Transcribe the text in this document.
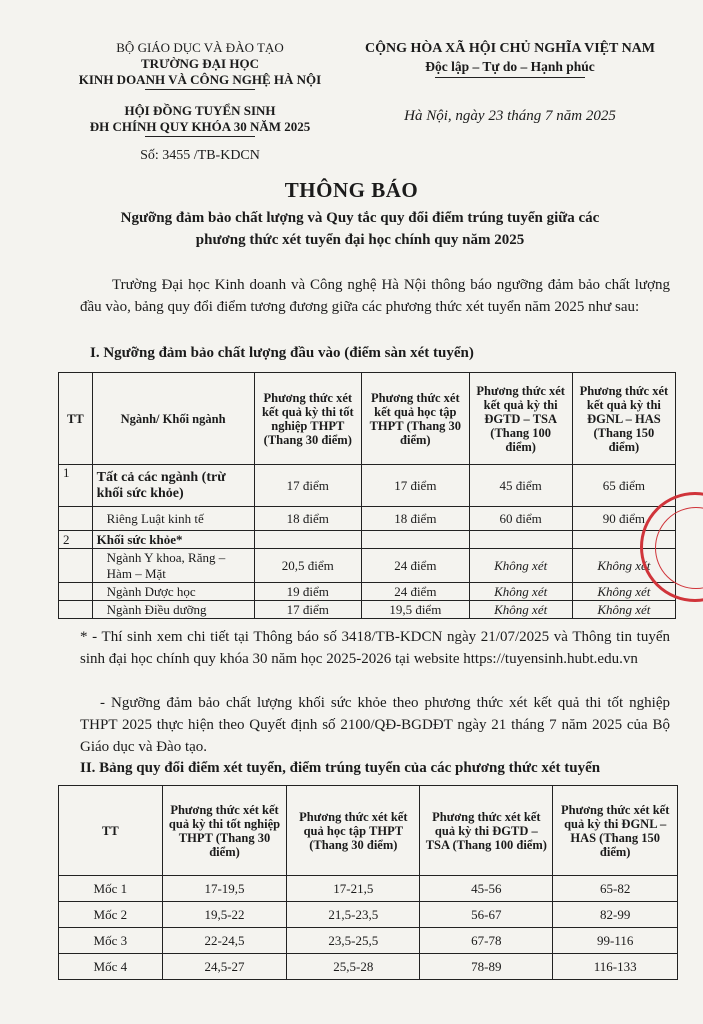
BỘ GIÁO DỤC VÀ ĐÀO TẠO
TRƯỜNG ĐẠI HỌC
KINH DOANH VÀ CÔNG NGHỆ HÀ NỘI
HỘI ĐỒNG TUYỂN SINH
ĐH CHÍNH QUY KHÓA 30 NĂM 2025
Số: 3455 /TB-KDCN
CỘNG HÒA XÃ HỘI CHỦ NGHĨA VIỆT NAM
Độc lập – Tự do – Hạnh phúc
Hà Nội, ngày 23 tháng 7 năm 2025
THÔNG BÁO
Ngưỡng đảm bảo chất lượng và Quy tắc quy đổi điểm trúng tuyển giữa các
phương thức xét tuyển đại học chính quy năm 2025
Trường Đại học Kinh doanh và Công nghệ Hà Nội thông báo ngưỡng đảm bảo chất lượng đầu vào, bảng quy đổi điểm tương đương giữa các phương thức xét tuyển năm 2025 như sau:
I. Ngưỡng đảm bảo chất lượng đầu vào (điểm sàn xét tuyển)
TT	Ngành/ Khối ngành	Phương thức xét kết quả kỳ thi tốt nghiệp THPT (Thang 30 điểm)	Phương thức xét kết quả học tập THPT (Thang 30 điểm)	Phương thức xét kết quả kỳ thi ĐGTD – TSA (Thang 100 điểm)	Phương thức xét kết quả kỳ thi ĐGNL – HAS (Thang 150 điểm)
1	Tất cả các ngành (trừ khối sức khỏe)	17 điểm	17 điểm	45 điểm	65 điểm
	Riêng Luật kinh tế	18 điểm	18 điểm	60 điểm	90 điểm
2	Khối sức khỏe*				
	Ngành Y khoa, Răng – Hàm – Mặt	20,5 điểm	24 điểm	Không xét	Không xét
	Ngành Dược học	19 điểm	24 điểm	Không xét	Không xét
	Ngành Điều dưỡng	17 điểm	19,5 điểm	Không xét	Không xét
* - Thí sinh xem chi tiết tại Thông báo số 3418/TB-KDCN ngày 21/07/2025 và Thông tin tuyển sinh đại học chính quy khóa 30 năm học 2025-2026 tại website https://tuyensinh.hubt.edu.vn
- Ngưỡng đảm bảo chất lượng khối sức khỏe theo phương thức xét kết quả thi tốt nghiệp THPT 2025 thực hiện theo Quyết định số 2100/QĐ-BGDĐT ngày 21 tháng 7 năm 2025 của Bộ Giáo dục và Đào tạo.
II. Bảng quy đổi điểm xét tuyển, điểm trúng tuyển của các phương thức xét tuyển
TT	Phương thức xét kết quả kỳ thi tốt nghiệp THPT (Thang 30 điểm)	Phương thức xét kết quả học tập THPT (Thang 30 điểm)	Phương thức xét kết quả kỳ thi ĐGTD – TSA (Thang 100 điểm)	Phương thức xét kết quả kỳ thi ĐGNL – HAS (Thang 150 điểm)
Mốc 1	17-19,5	17-21,5	45-56	65-82
Mốc 2	19,5-22	21,5-23,5	56-67	82-99
Mốc 3	22-24,5	23,5-25,5	67-78	99-116
Mốc 4	24,5-27	25,5-28	78-89	116-133
